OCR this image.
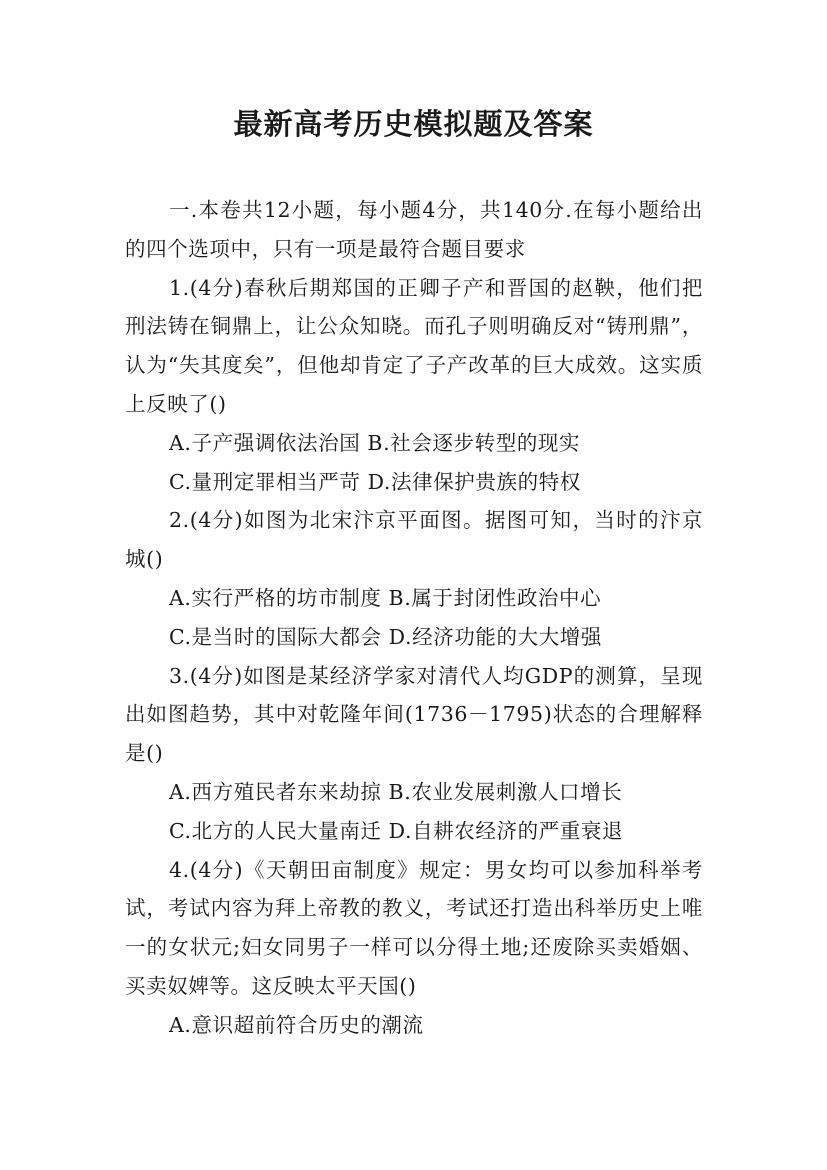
最新高考历史模拟题及答案

一.本卷共12小题，每小题4分，共140分.在每小题给出的四个选项中，只有一项是最符合题目要求

1.(4分)春秋后期郑国的正卿子产和晋国的赵鞅，他们把刑法铸在铜鼎上，让公众知晓。而孔子则明确反对“铸刑鼎”，认为“失其度矣”，但他却肯定了子产改革的巨大成效。这实质上反映了()

A.子产强调依法治国 B.社会逐步转型的现实

C.量刑定罪相当严苛 D.法律保护贵族的特权

2.(4分)如图为北宋汴京平面图。据图可知，当时的汴京城()

A.实行严格的坊市制度 B.属于封闭性政治中心

C.是当时的国际大都会 D.经济功能的大大增强

3.(4分)如图是某经济学家对清代人均GDP的测算，呈现出如图趋势，其中对乾隆年间(1736－1795)状态的合理解释是()

A.西方殖民者东来劫掠 B.农业发展刺激人口增长

C.北方的人民大量南迁 D.自耕农经济的严重衰退

4.(4分)《天朝田亩制度》规定：男女均可以参加科举考试，考试内容为拜上帝教的教义，考试还打造出科举历史上唯一的女状元;妇女同男子一样可以分得土地;还废除买卖婚姻、买卖奴婢等。这反映太平天国()

A.意识超前符合历史的潮流
